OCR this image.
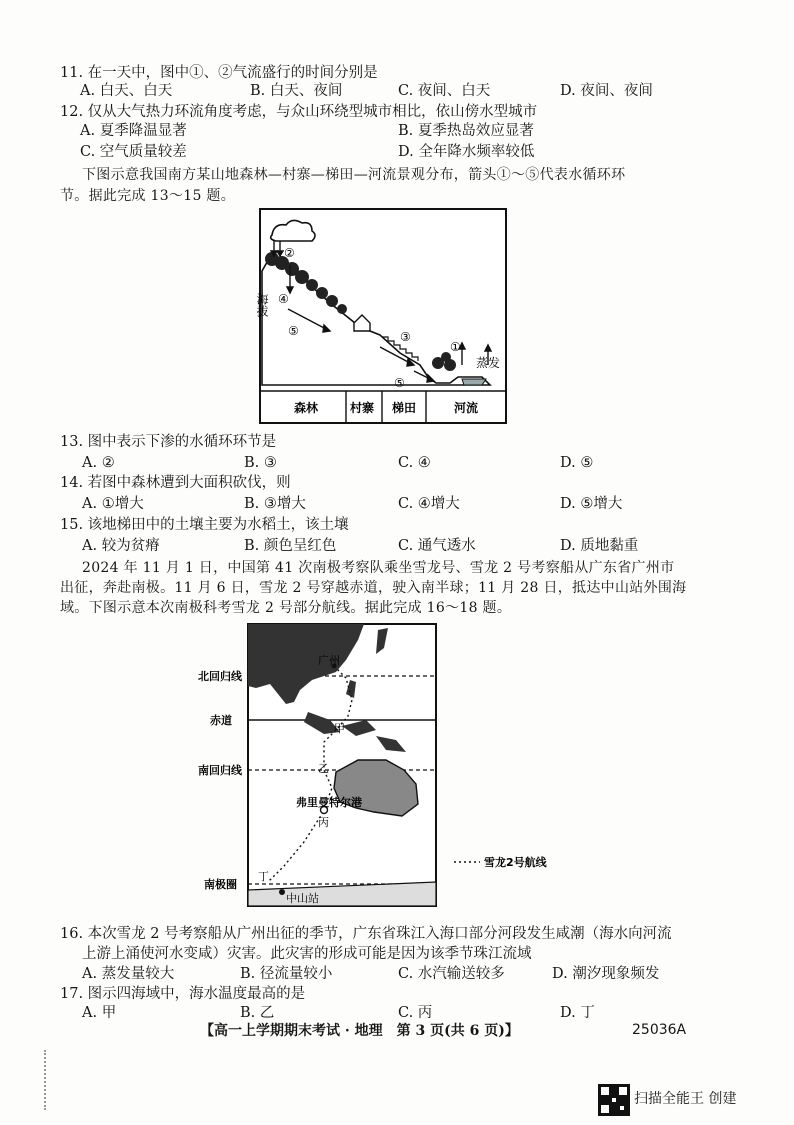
11. 在一天中，图中①、②气流盛行的时间分别是
A. 白天、白天	B. 白天、夜间	C. 夜间、白天	D. 夜间、夜间
12. 仅从大气热力环流角度考虑，与众山环绕型城市相比，依山傍水型城市
A. 夏季降温显著	B. 夏季热岛效应显著
C. 空气质量较差	D. 全年降水频率较低
下图示意我国南方某山地森林—村寨—梯田—河流景观分布，箭头①～⑤代表水循环环
节。据此完成 13～15 题。
②
④
⑤	③
⑤
①
蒸发
海拔
森林	村寨 梯田	河流
13. 图中表示下渗的水循环环节是
A. ②	B. ③	C. ④	D. ⑤
14. 若图中森林遭到大面积砍伐，则
A. ①增大	B. ③增大	C. ④增大	D. ⑤增大
15. 该地梯田中的土壤主要为水稻土，该土壤
A. 较为贫瘠	B. 颜色呈红色	C. 通气透水	D. 质地黏重
2024 年 11 月 1 日，中国第 41 次南极考察队乘坐雪龙号、雪龙 2 号考察船从广东省广州市
出征，奔赴南极。11 月 6 日，雪龙 2 号穿越赤道，驶入南半球；11 月 28 日，抵达中山站外围海
域。下图示意本次南极科考雪龙 2 号部分航线。据此完成 16～18 题。
广州
甲
乙
弗里曼特尔港
丙
丁
中山站
北回归线
赤道
南回归线
南极圈
雪龙2号航线
16. 本次雪龙 2 号考察船从广州出征的季节，广东省珠江入海口部分河段发生咸潮（海水向河流
上游上涌使河水变咸）灾害。此灾害的形成可能是因为该季节珠江流域
A. 蒸发量较大	B. 径流量较小	C. 水汽输送较多	D. 潮汐现象频发
17. 图示四海域中，海水温度最高的是
A. 甲	B. 乙	C. 丙	D. 丁
【高一上学期期末考试 · 地理　第 3 页(共 6 页)】	25036A
扫描全能王 创建
